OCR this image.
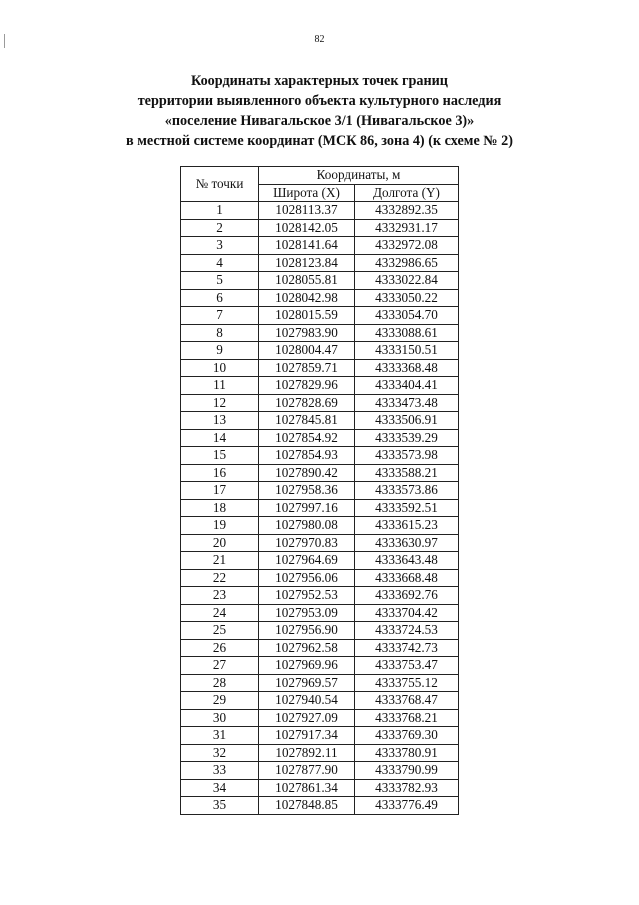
82
Координаты характерных точек границ
территории выявленного объекта культурного наследия
«поселение Нивагальское 3/1 (Нивагальское 3)»
в местной системе координат (МСК 86, зона 4) (к схеме № 2)
№ точки	Координаты, м	
	Широта (X)	Долгота (Y)
1	1028113.37	4332892.35
2	1028142.05	4332931.17
3	1028141.64	4332972.08
4	1028123.84	4332986.65
5	1028055.81	4333022.84
6	1028042.98	4333050.22
7	1028015.59	4333054.70
8	1027983.90	4333088.61
9	1028004.47	4333150.51
10	1027859.71	4333368.48
11	1027829.96	4333404.41
12	1027828.69	4333473.48
13	1027845.81	4333506.91
14	1027854.92	4333539.29
15	1027854.93	4333573.98
16	1027890.42	4333588.21
17	1027958.36	4333573.86
18	1027997.16	4333592.51
19	1027980.08	4333615.23
20	1027970.83	4333630.97
21	1027964.69	4333643.48
22	1027956.06	4333668.48
23	1027952.53	4333692.76
24	1027953.09	4333704.42
25	1027956.90	4333724.53
26	1027962.58	4333742.73
27	1027969.96	4333753.47
28	1027969.57	4333755.12
29	1027940.54	4333768.47
30	1027927.09	4333768.21
31	1027917.34	4333769.30
32	1027892.11	4333780.91
33	1027877.90	4333790.99
34	1027861.34	4333782.93
35	1027848.85	4333776.49
